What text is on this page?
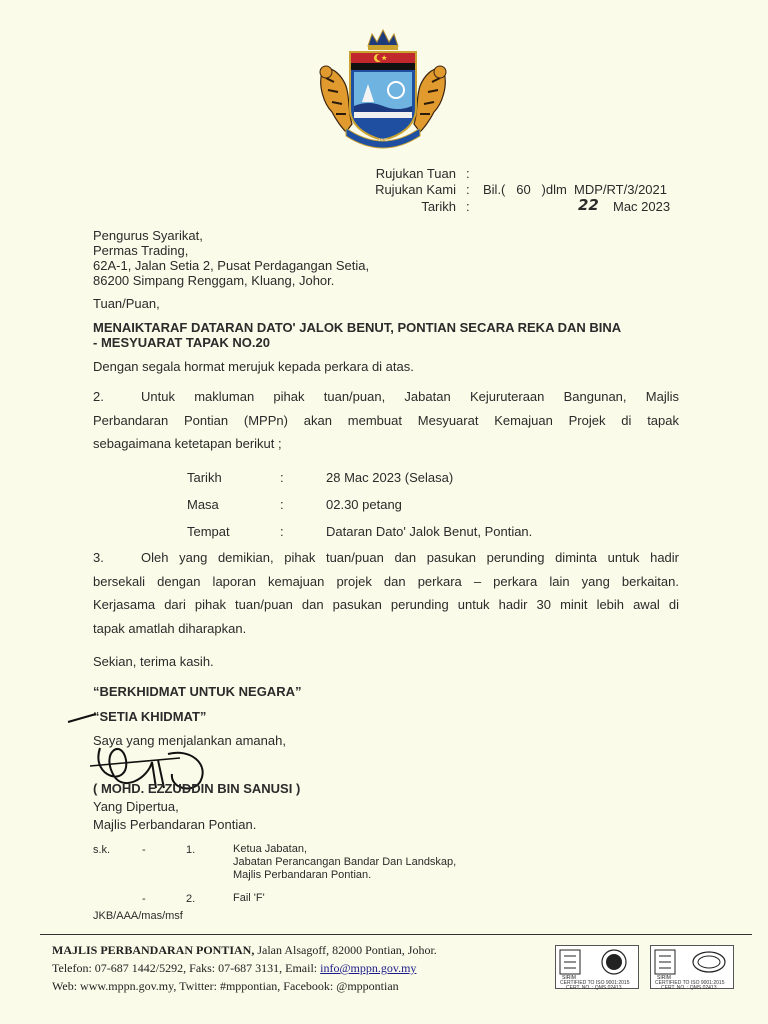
1978
Rujukan Tuan :
Rujukan Kami : Bil.(   60   )dlm  MDP/RT/3/2021
Tarikh :	22 Mac 2023
Pengurus Syarikat,
Permas Trading,
62A-1, Jalan Setia 2, Pusat Perdagangan Setia,
86200 Simpang Renggam, Kluang, Johor.
Tuan/Puan,
MENAIKTARAF DATARAN DATO' JALOK BENUT, PONTIAN SECARA REKA DAN BINA
- MESYUARAT TAPAK NO.20
Dengan segala hormat merujuk kepada perkara di atas.
2.	Untuk makluman pihak tuan/puan, Jabatan Kejuruteraan Bangunan, Majlis
Perbandaran Pontian (MPPn) akan membuat Mesyuarat Kemajuan Projek di tapak
sebagaimana ketetapan berikut ;
Tarikh	:	28 Mac 2023 (Selasa)
Masa	:	02.30 petang
Tempat	:	Dataran Dato' Jalok Benut, Pontian.
3.	Oleh yang demikian, pihak tuan/puan dan pasukan perunding diminta untuk hadir
bersekali dengan laporan kemajuan projek dan perkara – perkara lain yang berkaitan.
Kerjasama dari pihak tuan/puan dan pasukan perunding untuk hadir 30 minit lebih awal di
tapak amatlah diharapkan.
Sekian, terima kasih.
“BERKHIDMAT UNTUK NEGARA”
“SETIA KHIDMAT”
Saya yang menjalankan amanah,
( MOHD. EZZUDDIN BIN SANUSI )
Yang Dipertua,
Majlis Perbandaran Pontian.
s.k.	-	1.	Ketua Jabatan,
Jabatan Perancangan Bandar Dan Landskap,
Majlis Perbandaran Pontian.
-	2.	Fail 'F'
JKB/AAA/mas/msf
MAJLIS PERBANDARAN PONTIAN, Jalan Alsagoff, 82000 Pontian, Johor.
Telefon: 07-687 1442/5292, Faks: 07-687 3131, Email: info@mppn.gov.my
Web: www.mppn.gov.my, Twitter: #mppontian, Facebook: @mppontian
SIRIM
CERTIFIED TO ISO 9001:2015
CERT. NO. : QMS 02413
SIRIM
CERTIFIED TO ISO 9001:2015
CERT. NO. : QMS 02413
